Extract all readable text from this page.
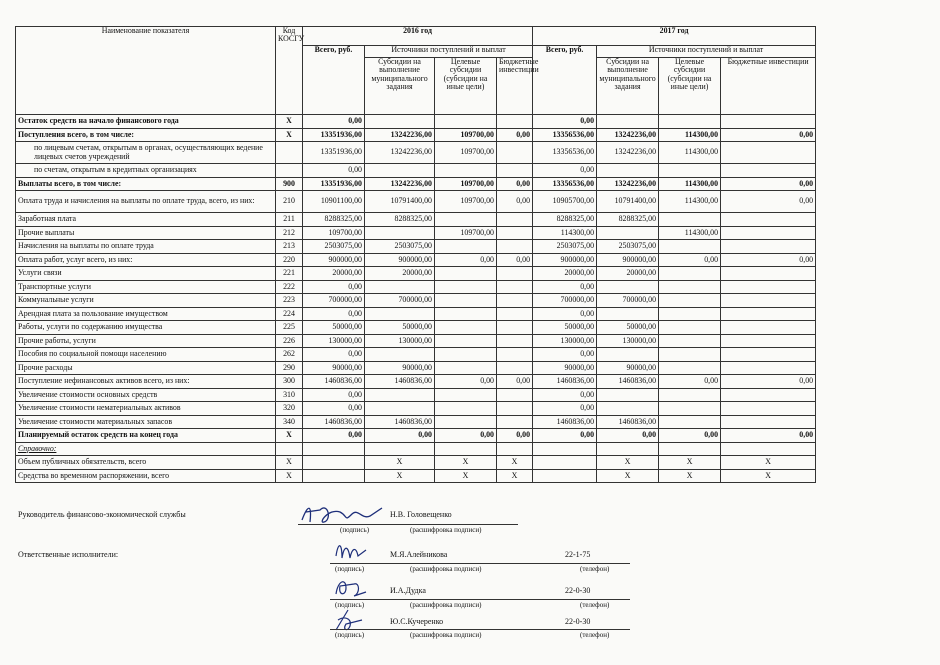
Наименование показателя	Код КОСГУ	2016 год				2017 год			
		Всего, руб.	Источники поступлений и выплат			Всего, руб.	Источники поступлений и выплат		
			Субсидии на выполнение муниципального задания	Целевые субсидии (субсидии на иные цели)	Бюджетные инвестиции		Субсидии на выполнение муниципального задания	Целевые субсидии (субсидии на иные цели)	Бюджетные инвестиции
Остаток средств на начало финансового года	X	0,00				0,00			
Поступления всего, в том числе:	X	13351936,00	13242236,00	109700,00	0,00	13356536,00	13242236,00	114300,00	0,00
по лицевым счетам, открытым в органах, осуществляющих ведение лицевых счетов учреждений		13351936,00	13242236,00	109700,00		13356536,00	13242236,00	114300,00	
по счетам, открытым в кредитных организациях		0,00				0,00			
Выплаты всего, в том числе:	900	13351936,00	13242236,00	109700,00	0,00	13356536,00	13242236,00	114300,00	0,00
Оплата труда и начисления на выплаты по оплате труда, всего, из них:	210	10901100,00	10791400,00	109700,00	0,00	10905700,00	10791400,00	114300,00	0,00
Заработная плата	211	8288325,00	8288325,00			8288325,00	8288325,00		
Прочие выплаты	212	109700,00		109700,00		114300,00		114300,00	
Начисления на выплаты по оплате труда	213	2503075,00	2503075,00			2503075,00	2503075,00		
Оплата работ, услуг всего, из них:	220	900000,00	900000,00	0,00	0,00	900000,00	900000,00	0,00	0,00
Услуги связи	221	20000,00	20000,00			20000,00	20000,00		
Транспортные услуги	222	0,00				0,00			
Коммунальные услуги	223	700000,00	700000,00			700000,00	700000,00		
Арендная плата за пользование имуществом	224	0,00				0,00			
Работы, услуги по содержанию имущества	225	50000,00	50000,00			50000,00	50000,00		
Прочие работы, услуги	226	130000,00	130000,00			130000,00	130000,00		
Пособия по социальной помощи населению	262	0,00				0,00			
Прочие расходы	290	90000,00	90000,00			90000,00	90000,00		
Поступление нефинансовых активов всего, из них:	300	1460836,00	1460836,00	0,00	0,00	1460836,00	1460836,00	0,00	0,00
Увеличение стоимости основных средств	310	0,00				0,00			
Увеличение стоимости нематериальных активов	320	0,00				0,00			
Увеличение стоимости материальных запасов	340	1460836,00	1460836,00			1460836,00	1460836,00		
Планируемый остаток средств на конец года	X	0,00	0,00	0,00	0,00	0,00	0,00	0,00	0,00
Справочно:									
Объем публичных обязательств, всего	X		X	X	X		X	X	X
Средства во временном распоряжении, всего	X		X	X	X		X	X	X
Руководитель финансово-экономической службы	Н.В. Головещенко
(подпись)	(расшифровка подписи)
Ответственные исполнители:	М.Я.Алейникова	22-1-75
(подпись)	(расшифровка подписи)	(телефон)
И.А.Дудка	22-0-30
(подпись)	(расшифровка подписи)	(телефон)
Ю.С.Кучеренко	22-0-30
(подпись)	(расшифровка подписи)	(телефон)
